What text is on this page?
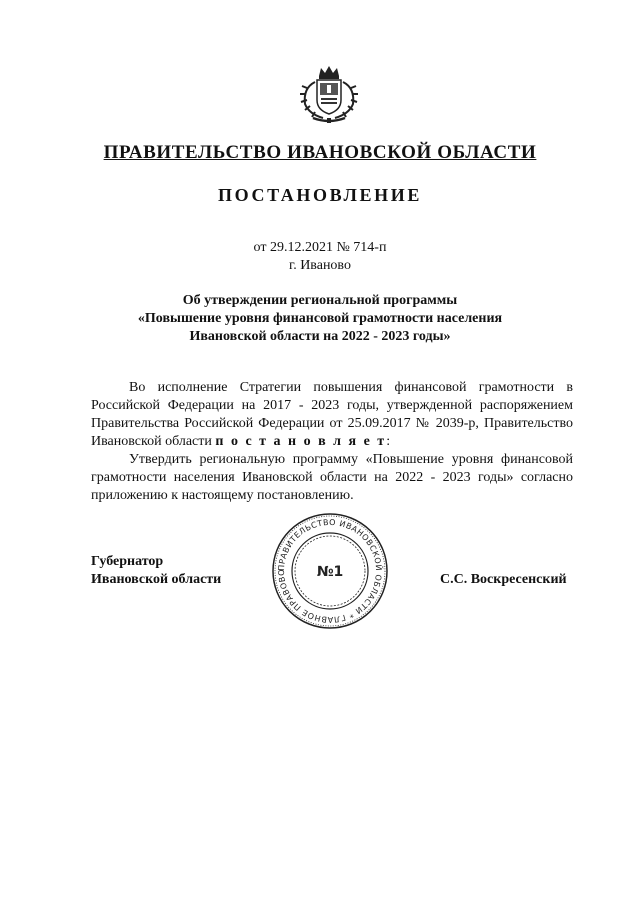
ПРАВИТЕЛЬСТВО ИВАНОВСКОЙ ОБЛАСТИ
ПОСТАНОВЛЕНИЕ
от 29.12.2021 № 714-п
г. Иваново
Об утверждении региональной программы
«Повышение уровня финансовой грамотности населения
Ивановской области на 2022 - 2023 годы»

Во исполнение Стратегии повышения финансовой грамотности в Российской Федерации на 2017 - 2023 годы, утвержденной распоряжением Правительства Российской Федерации от 25.09.2017 № 2039-р, Правительство Ивановской области п о с т а н о в л я е т:

Утвердить региональную программу «Повышение уровня финансовой грамотности населения Ивановской области на 2022 - 2023 годы» согласно приложению к настоящему постановлению.

Губернатор
Ивановской области
ПРАВИТЕЛЬСТВО ИВАНОВСКОЙ ОБЛАСТИ * ГЛАВНОЕ ПРАВОВО	№1	С.С. Воскресенский
